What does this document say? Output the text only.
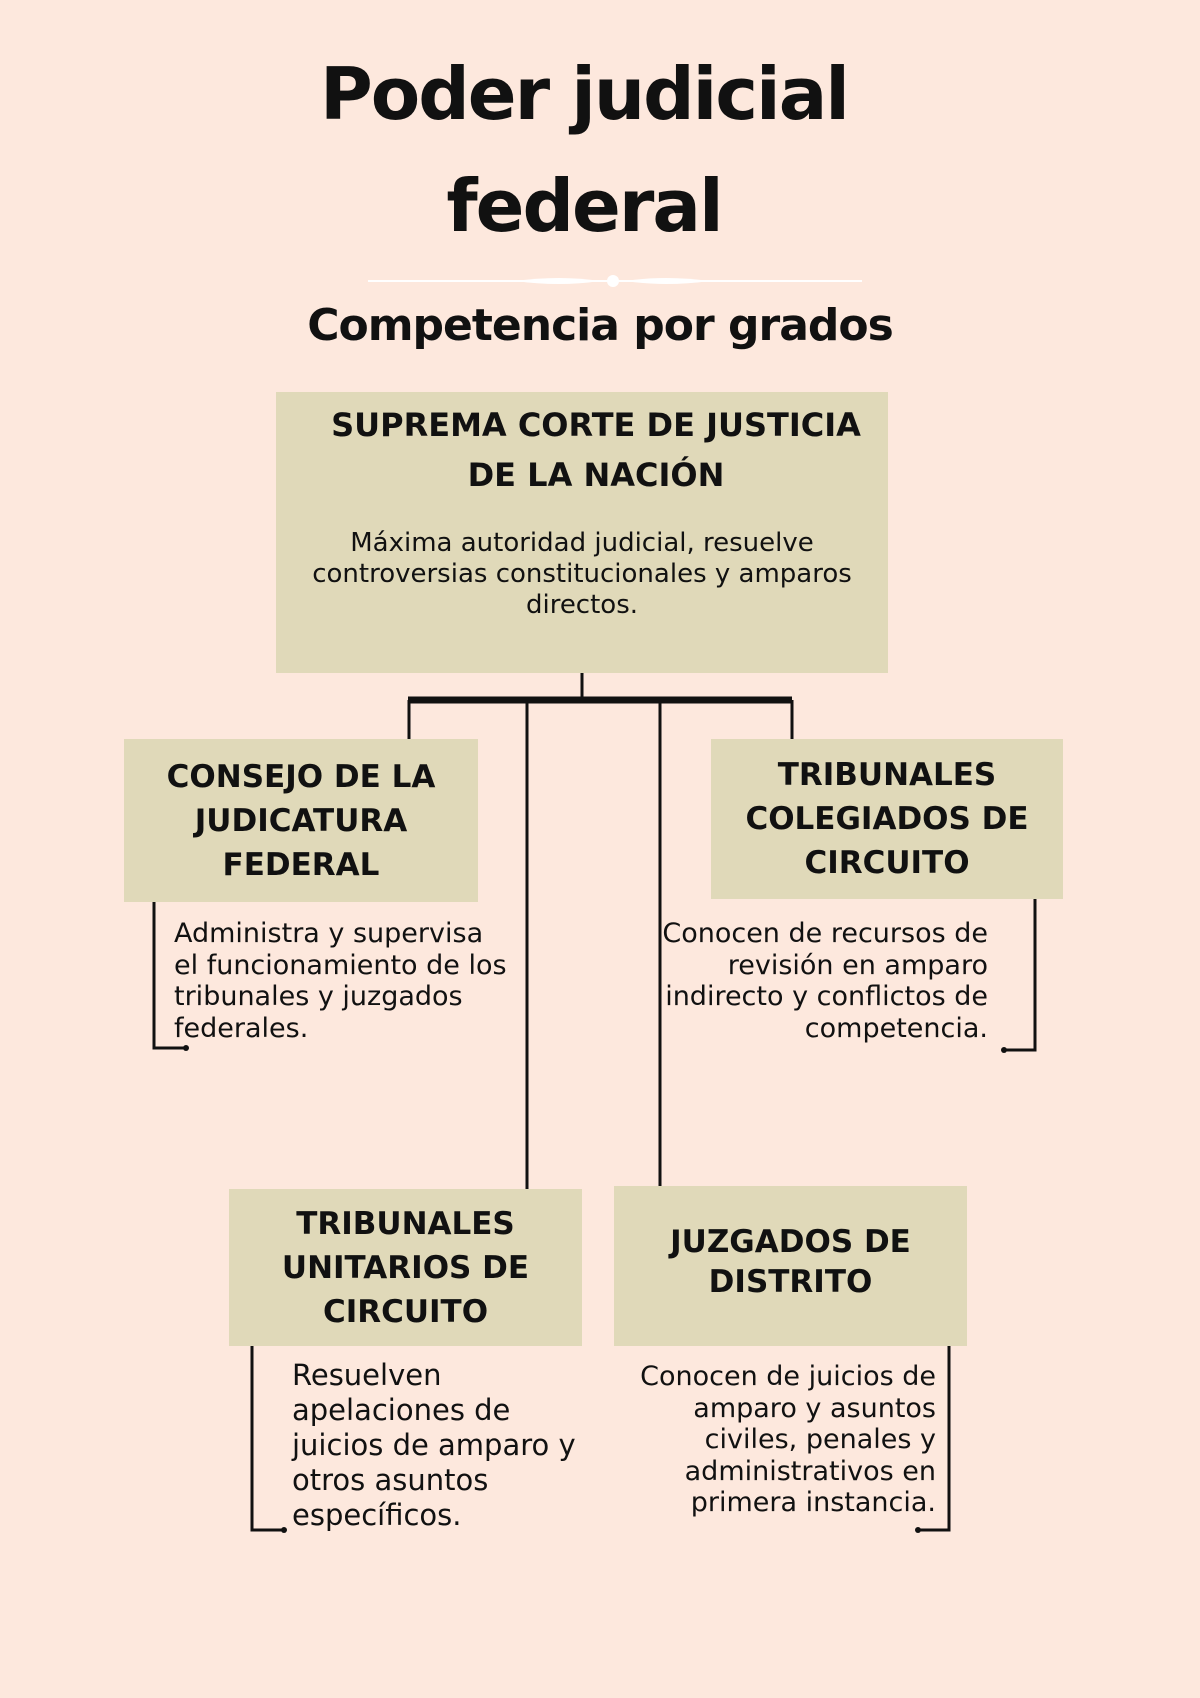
Poder judicial
federal
Competencia por grados
SUPREMA CORTE DE JUSTICIA
DE LA NACIÓN
Máxima autoridad judicial, resuelve controversias constitucionales y amparos directos.
CONSEJO DE LA
JUDICATURA
FEDERAL
Administra y supervisa el funcionamiento de los tribunales y juzgados federales.
TRIBUNALES
COLEGIADOS DE
CIRCUITO
Conocen de recursos de revisión en amparo indirecto y conflictos de competencia.
TRIBUNALES
UNITARIOS DE
CIRCUITO
Resuelven apelaciones de juicios de amparo y otros asuntos específicos.
JUZGADOS DE
DISTRITO
Conocen de juicios de amparo y asuntos civiles, penales y administrativos en primera instancia.
